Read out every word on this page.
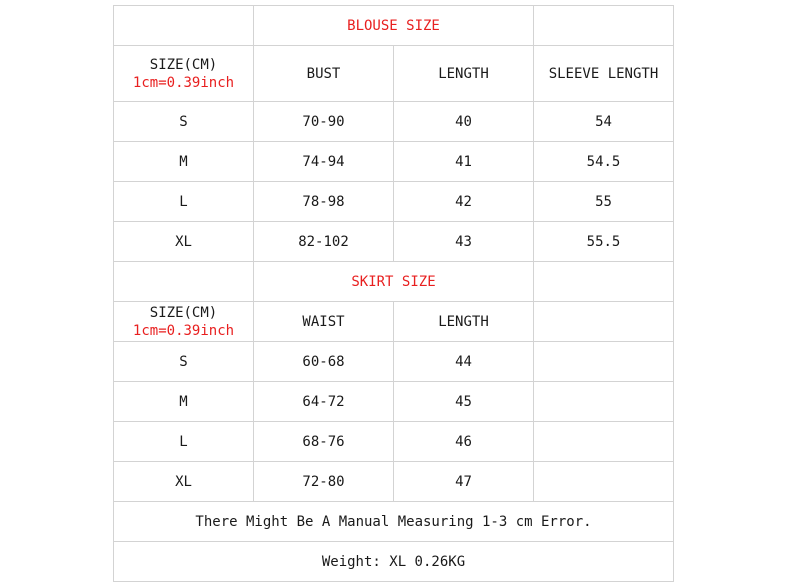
	BLOUSE SIZE		

SIZE(CM)
1cm=0.39inch	BUST	LENGTH	SLEEVE LENGTH
S	70-90	40	54
M	74-94	41	54.5
L	78-98	42	55
XL	82-102	43	55.5
	SKIRT SIZE		

SIZE(CM)
1cm=0.39inch	WAIST	LENGTH	
S	60-68	44	
M	64-72	45	
L	68-76	46	
XL	72-80	47	
There Might Be A Manual Measuring 1-3 cm Error.			
Weight: XL 0.26KG			
